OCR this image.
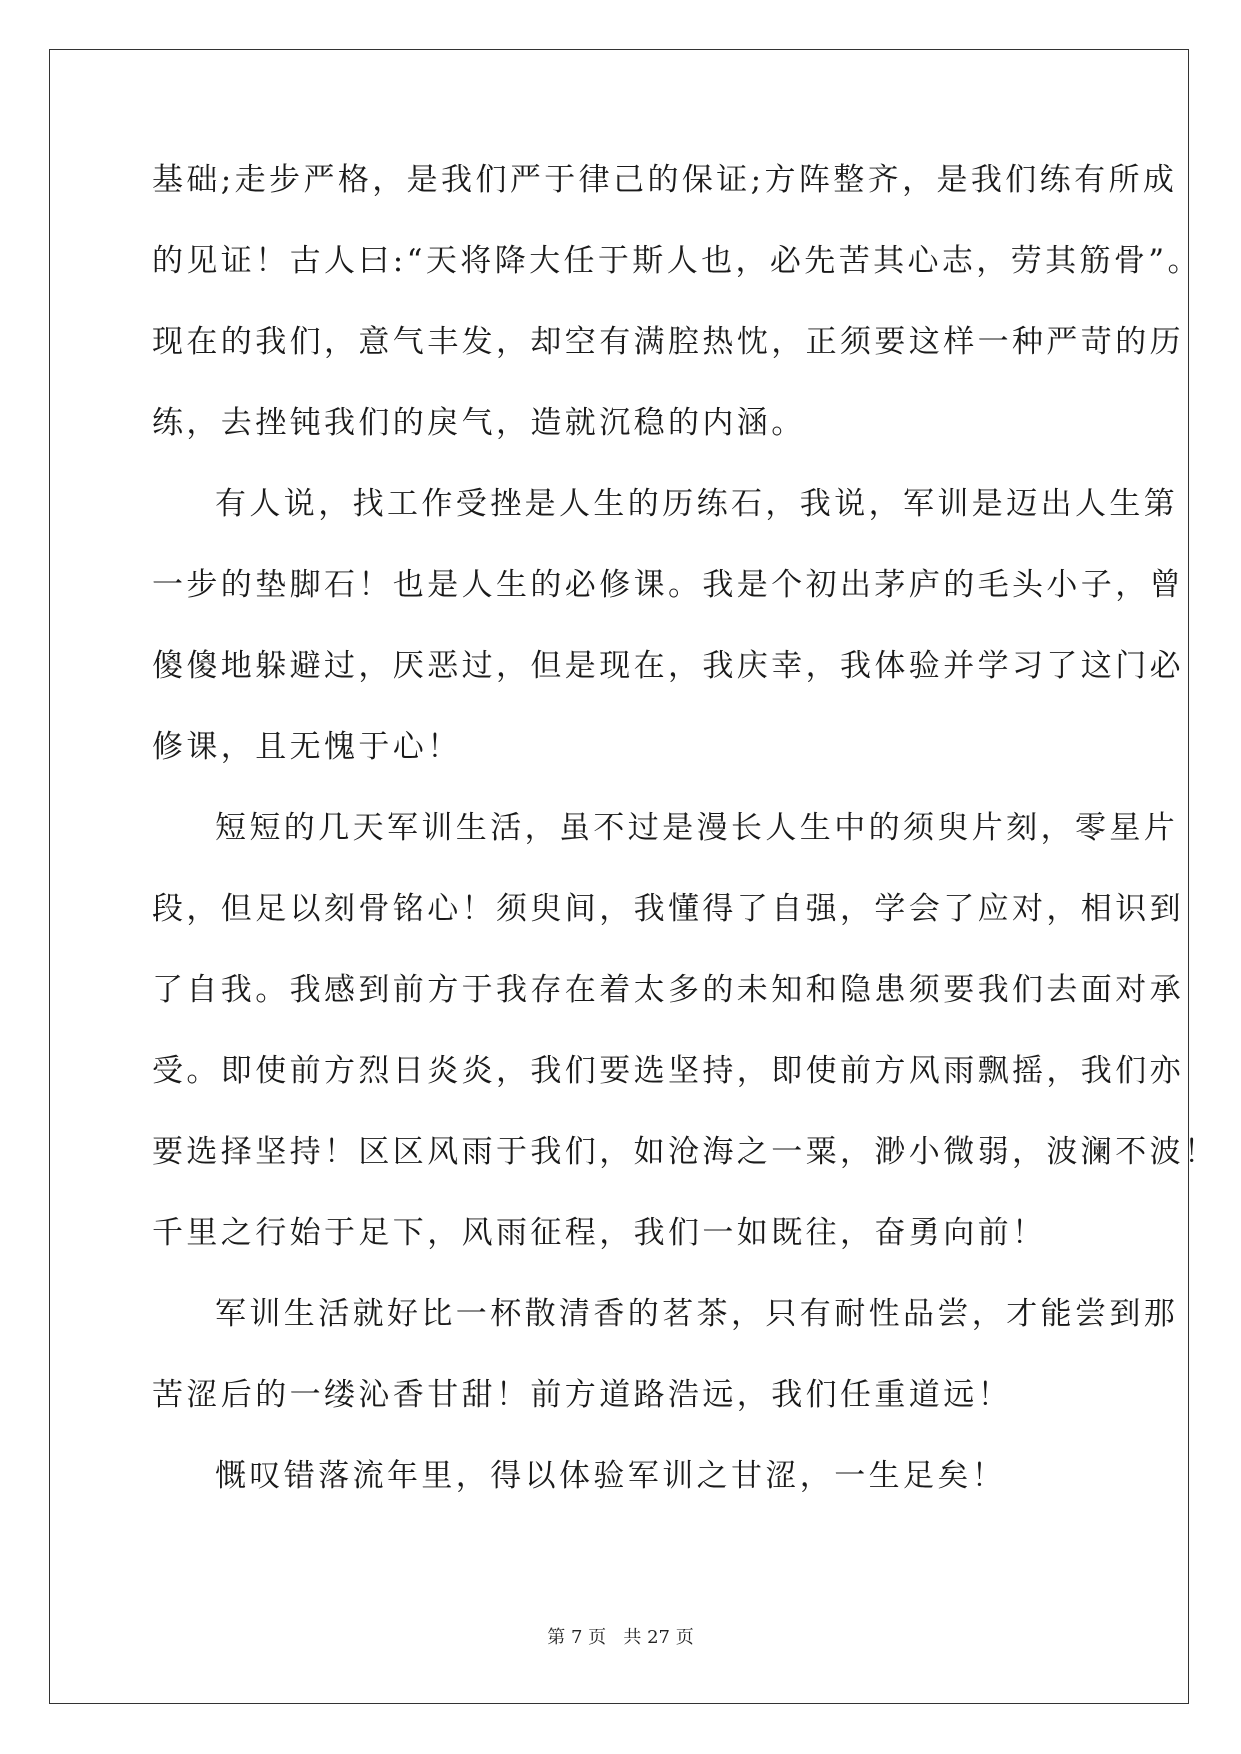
基础;走步严格，是我们严于律己的保证;方阵整齐，是我们练有所成
的见证！古人曰:“天将降大任于斯人也，必先苦其心志，劳其筋骨”。
现在的我们，意气丰发，却空有满腔热忱，正须要这样一种严苛的历
练，去挫钝我们的戾气，造就沉稳的内涵。
有人说，找工作受挫是人生的历练石，我说，军训是迈出人生第
一步的垫脚石！也是人生的必修课。我是个初出茅庐的毛头小子，曾
傻傻地躲避过，厌恶过，但是现在，我庆幸，我体验并学习了这门必
修课，且无愧于心！
短短的几天军训生活，虽不过是漫长人生中的须臾片刻，零星片
段，但足以刻骨铭心！须臾间，我懂得了自强，学会了应对，相识到
了自我。我感到前方于我存在着太多的未知和隐患须要我们去面对承
受。即使前方烈日炎炎，我们要选坚持，即使前方风雨飘摇，我们亦
要选择坚持！区区风雨于我们，如沧海之一粟，渺小微弱，波澜不波！
千里之行始于足下，风雨征程，我们一如既往，奋勇向前！
军训生活就好比一杯散清香的茗茶，只有耐性品尝，才能尝到那
苦涩后的一缕沁香甘甜！前方道路浩远，我们任重道远！
慨叹错落流年里，得以体验军训之甘涩，一生足矣！
第 7 页 共 27 页
